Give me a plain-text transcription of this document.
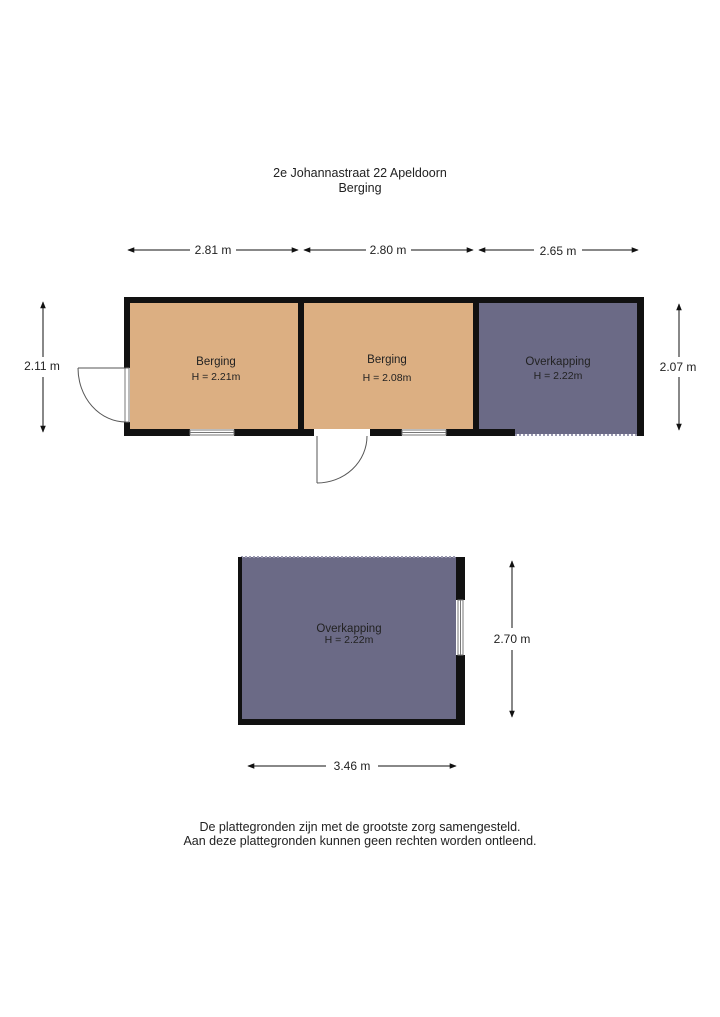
2e Johannastraat 22 Apeldoorn
Berging
Berging
H = 2.21m
Berging
H = 2.08m
Overkapping
H = 2.22m
2.81 m	2.80 m	2.65 m
2.11 m	2.07 m
Overkapping
H = 2.22m
3.46 m
2.70 m
De plattegronden zijn met de grootste zorg samengesteld.
Aan deze plattegronden kunnen geen rechten worden ontleend.
